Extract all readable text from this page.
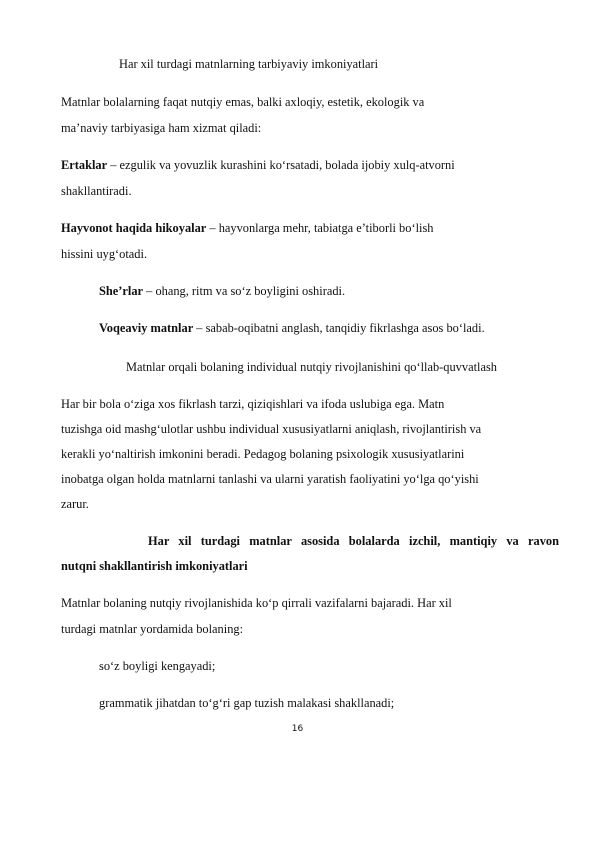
Har xil turdagi matnlarning tarbiyaviy imkoniyatlari
Matnlar bolalarning faqat nutqiy emas, balki axloqiy, estetik, ekologik va
ma’naviy tarbiyasiga ham xizmat qiladi:
Ertaklar – ezgulik va yovuzlik kurashini ko‘rsatadi, bolada ijobiy xulq-atvorni
shakllantiradi.
Hayvonot haqida hikoyalar – hayvonlarga mehr, tabiatga e’tiborli bo‘lish
hissini uyg‘otadi.
She’rlar – ohang, ritm va so‘z boyligini oshiradi.
Voqeaviy matnlar – sabab-oqibatni anglash, tanqidiy fikrlashga asos bo‘ladi.
Matnlar orqali bolaning individual nutqiy rivojlanishini qo‘llab-quvvatlash
Har bir bola o‘ziga xos fikrlash tarzi, qiziqishlari va ifoda uslubiga ega. Matn
tuzishga oid mashg‘ulotlar ushbu individual xususiyatlarni aniqlash, rivojlantirish va
kerakli yo‘naltirish imkonini beradi. Pedagog bolaning psixologik xususiyatlarini
inobatga olgan holda matnlarni tanlashi va ularni yaratish faoliyatini yo‘lga qo‘yishi
zarur.
Har xil turdagi matnlar asosida bolalarda izchil, mantiqiy va ravon
nutqni shakllantirish imkoniyatlari
Matnlar bolaning nutqiy rivojlanishida ko‘p qirrali vazifalarni bajaradi. Har xil
turdagi matnlar yordamida bolaning:
so‘z boyligi kengayadi;
grammatik jihatdan to‘g‘ri gap tuzish malakasi shakllanadi;
16
